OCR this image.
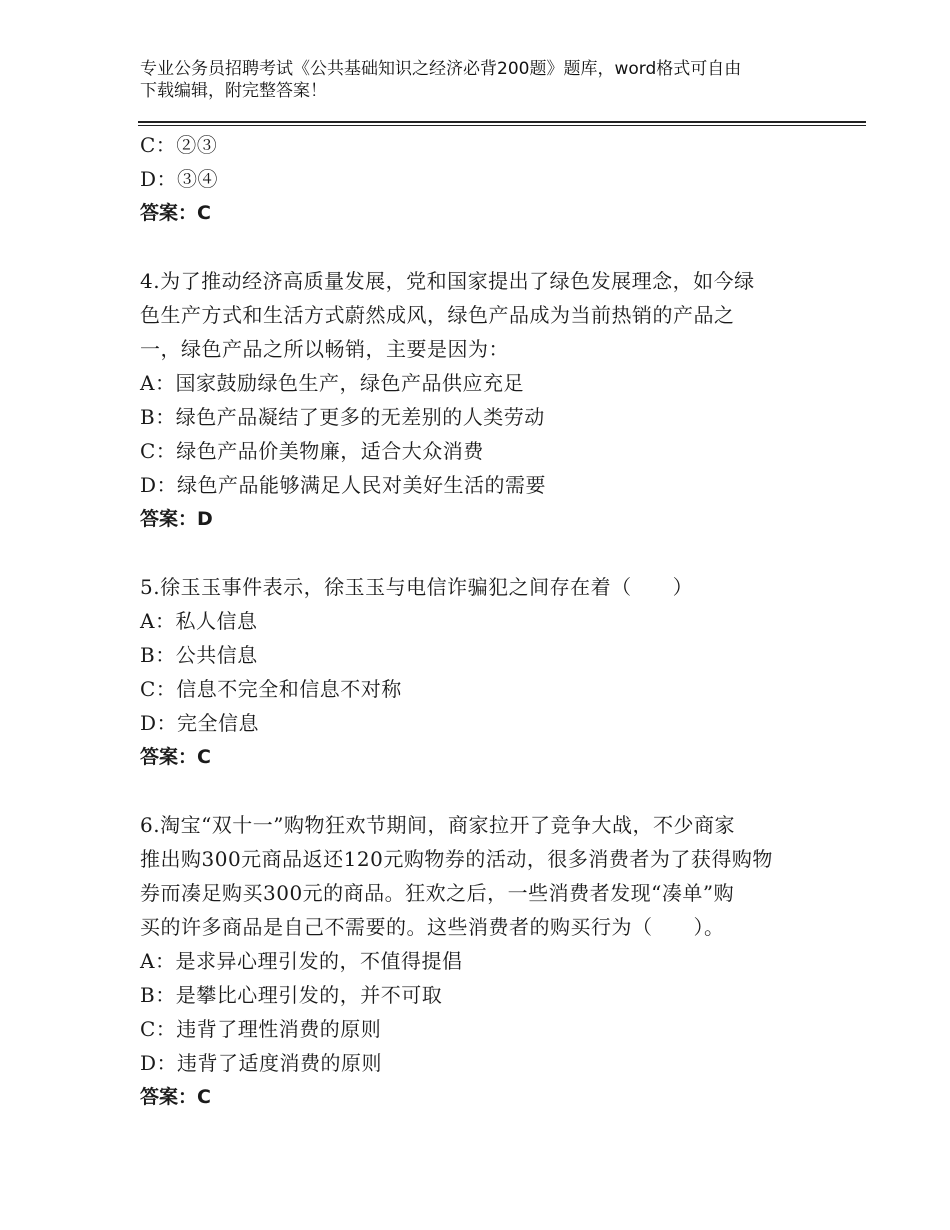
专业公务员招聘考试《公共基础知识之经济必背200题》题库，word格式可自由
下载编辑，附完整答案！
C：②③
D：③④
答案：C
4.为了推动经济高质量发展，党和国家提出了绿色发展理念，如今绿
色生产方式和生活方式蔚然成风，绿色产品成为当前热销的产品之
一，绿色产品之所以畅销，主要是因为：
A：国家鼓励绿色生产，绿色产品供应充足
B：绿色产品凝结了更多的无差别的人类劳动
C：绿色产品价美物廉，适合大众消费
D：绿色产品能够满足人民对美好生活的需要
答案：D
5.徐玉玉事件表示，徐玉玉与电信诈骗犯之间存在着（　　）
A：私人信息
B：公共信息
C：信息不完全和信息不对称
D：完全信息
答案：C
6.淘宝“双十一”购物狂欢节期间，商家拉开了竞争大战，不少商家
推出购300元商品返还120元购物券的活动，很多消费者为了获得购物
券而凑足购买300元的商品。狂欢之后，一些消费者发现“凑单”购
买的许多商品是自己不需要的。这些消费者的购买行为（　　）。
A：是求异心理引发的，不值得提倡
B：是攀比心理引发的，并不可取
C：违背了理性消费的原则
D：违背了适度消费的原则
答案：C
